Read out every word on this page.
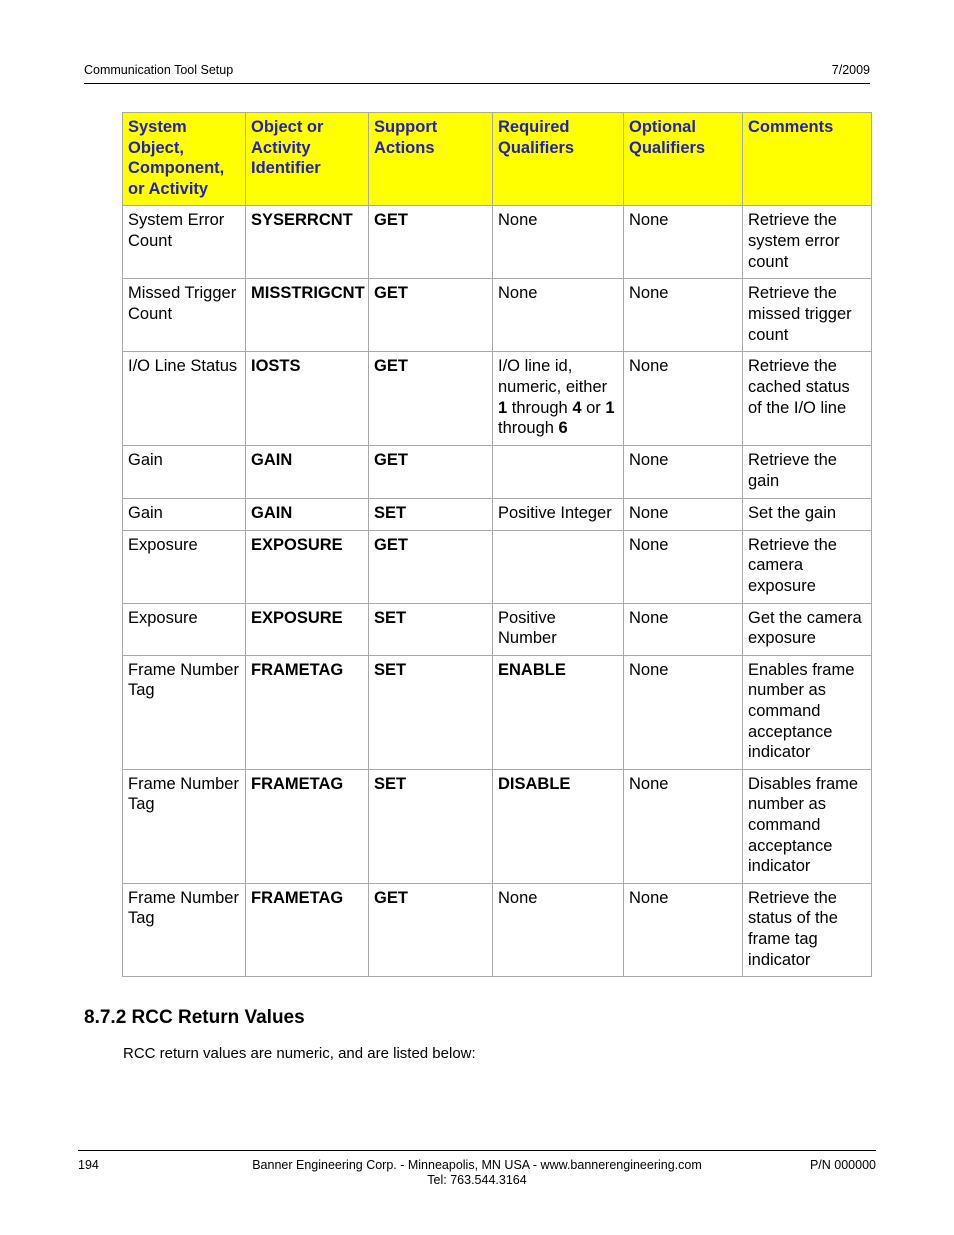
Communication Tool Setup	7/2009
System Object, Component, or Activity	Object or Activity Identifier	Support Actions	Required Qualifiers	Optional Qualifiers	Comments
System Error Count	SYSERRCNT	GET	None	None	Retrieve the system error count
Missed Trigger Count	MISSTRIGCNT	GET	None	None	Retrieve the missed trigger count
I/O Line Status	IOSTS	GET	I/O line id, numeric, either 1 through 4 or 1 through 6	None	Retrieve the cached status of the I/O line
Gain	GAIN	GET		None	Retrieve the gain
Gain	GAIN	SET	Positive Integer	None	Set the gain
Exposure	EXPOSURE	GET		None	Retrieve the camera exposure
Exposure	EXPOSURE	SET	Positive Number	None	Get the camera exposure
Frame Number Tag	FRAMETAG	SET	ENABLE	None	Enables frame number as command acceptance indicator
Frame Number Tag	FRAMETAG	SET	DISABLE	None	Disables frame number as command acceptance indicator
Frame Number Tag	FRAMETAG	GET	None	None	Retrieve the status of the frame tag indicator
8.7.2 RCC Return Values

RCC return values are numeric, and are listed below:

194	Banner Engineering Corp. - Minneapolis, MN USA - www.bannerengineering.com
Tel: 763.544.3164
P/N 000000
